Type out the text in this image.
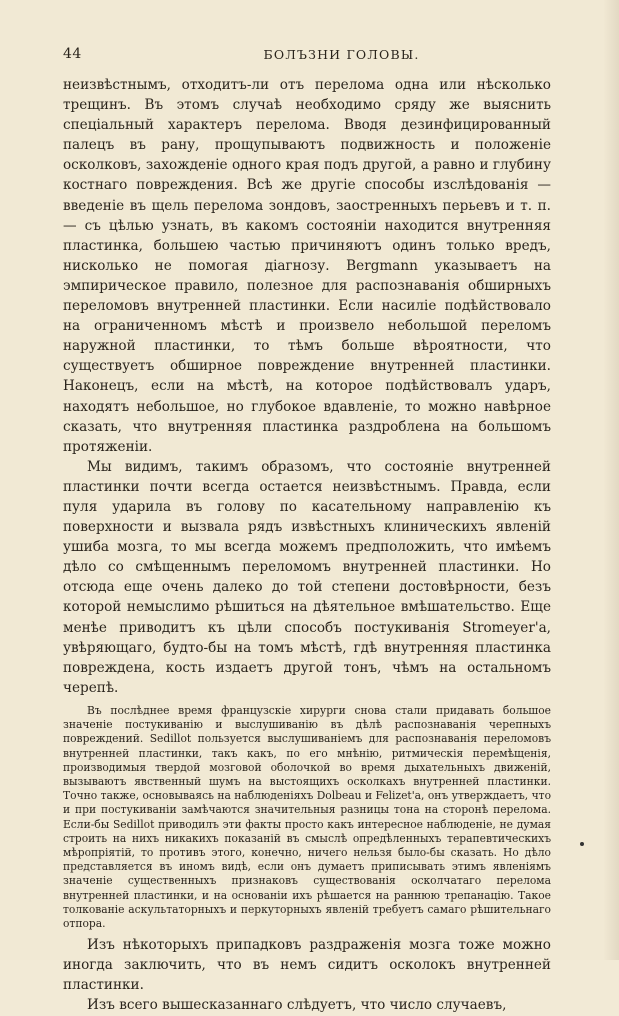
44	БОЛЪЗНИ ГОЛОВЫ.

неизвѣстнымъ, отходитъ-ли отъ перелома одна или нѣсколько трещинъ. Въ этомъ случаѣ необходимо сряду же выяснить спеціальный характеръ перелома. Вводя дезинфицированный палецъ въ рану, прощупываютъ подвижность и положеніе осколковъ, захожденіе одного края подъ другой, а равно и глубину костнаго повреждения. Всѣ же другіе способы изслѣдованія — введеніе въ щель перелома зондовъ, заостренныхъ перьевъ и т. п. — съ цѣлью узнать, въ какомъ состояніи находится внутренняя пластинка, большею частью причиняютъ одинъ только вредъ, нисколько не помогая діагнозу. Bergmann указываетъ на эмпирическое правило, полезное для распознаванія обширныхъ переломовъ внутренней пластинки. Если насиліе подѣйствовало на ограниченномъ мѣстѣ и произвело небольшой переломъ наружной пластинки, то тѣмъ больше вѣроятности, что существуетъ обширное повреждение внутренней пластинки. Наконецъ, если на мѣстѣ, на которое подѣйствовалъ ударъ, находятъ небольшое, но глубокое вдавленіе, то можно навѣрное сказать, что внутренняя пластинка раздроблена на большомъ протяженіи.

Мы видимъ, такимъ образомъ, что состояніе внутренней пластинки почти всегда остается неизвѣстнымъ. Правда, если пуля ударила въ голову по касательному направленію къ поверхности и вызвала рядъ извѣстныхъ клиническихъ явленій ушиба мозга, то мы всегда можемъ предположить, что имѣемъ дѣло со смѣщеннымъ переломомъ внутренней пластинки. Но отсюда еще очень далеко до той степени достовѣрности, безъ которой немыслимо рѣшиться на дѣятельное вмѣшательство. Еще менѣе приводитъ къ цѣли способъ постукиванія Stromeyer'а, увѣряющаго, будто-бы на томъ мѣстѣ, гдѣ внутренняя пластинка повреждена, кость издаетъ другой тонъ, чѣмъ на остальномъ черепѣ.

Въ послѣднее время французскіе хирурги снова стали придавать большое значеніе постукиванію и выслушиванію въ дѣлѣ распознаванія черепныхъ повреждений. Sedillot пользуется выслушиваніемъ для распознаванія переломовъ внутренней пластинки, такъ какъ, по его мнѣнію, ритмическія перемѣщенія, производимыя твердой мозговой оболочкой во время дыхательныхъ движеній, вызываютъ явственный шумъ на выстоящихъ осколкахъ внутренней пластинки. Точно также, основываясь на наблюденіяхъ Dolbeau и Felizet'а, онъ утверждаетъ, что и при постукиваніи замѣчаются значительныя разницы тона на сторонѣ перелома. Если-бы Sedillot приводилъ эти факты просто какъ интересное наблюденіе, не думая строить на нихъ никакихъ показаній въ смыслѣ опредѣленныхъ терапевтическихъ мѣропріятій, то противъ этого, конечно, ничего нельзя было-бы сказать. Но дѣло представляется въ иномъ видѣ, если онъ думаетъ приписывать этимъ явленіямъ значеніе существенныхъ признаковъ существованія осколчатаго перелома внутренней пластинки, и на основаніи ихъ рѣшается на раннюю трепанацію. Такое толкованіе аскультаторныхъ и перкуторныхъ явленій требуетъ самаго рѣшительнаго отпора.

Изъ нѣкоторыхъ припадковъ раздраженія мозга тоже можно иногда заключить, что въ немъ сидитъ осколокъ внутренней пластинки.

Изъ всего вышесказаннаго слѣдуетъ, что число случаевъ,
